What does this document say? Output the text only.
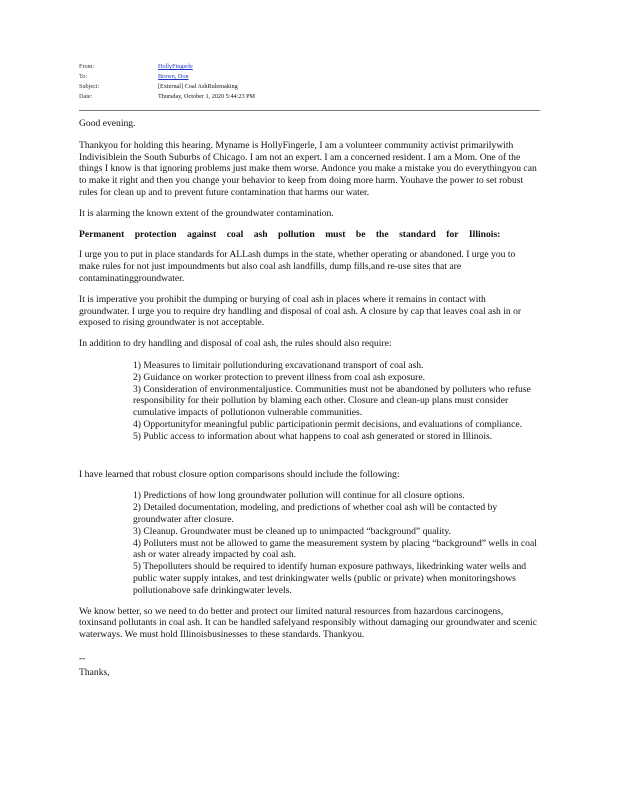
From:	HollyFingerle
To:	Brown, Don
Subject:	[External] Coal AshRulemaking
Date:	Thursday, October 1, 2020 5:44:23 PM

Good evening.

Thankyou for holding this hearing. Myname is HollyFingerle, I am a volunteer community activist primarilywith Indivisiblein the South Suburbs of Chicago. I am not an expert. I am a concerned resident. I am a Mom. One of the things I know is that ignoring problems just make them worse. Andonce you make a mistake you do everythingyou can to make it right and then you change your behavior to keep from doing more harm. Youhave the power to set robust rules for clean up and to prevent future contamination that harms our water.

It is alarming the known extent of the groundwater contamination.

Permanent protection against coal ash pollution must be the standard for Illinois:

I urge you to put in place standards for ALLash dumps in the state, whether operating or abandoned. I urge you to make rules for not just impoundments but also coal ash landfills, dump fills,and re-use sites that are contaminatinggroundwater.

It is imperative you prohibit the dumping or burying of coal ash in places where it remains in contact with groundwater. I urge you to require dry handling and disposal of coal ash. A closure by cap that leaves coal ash in or exposed to rising groundwater is not acceptable.

In addition to dry handling and disposal of coal ash, the rules should also require:

1) Measures to limitair pollutionduring excavationand transport of coal ash.
2) Guidance on worker protection to prevent illness from coal ash exposure.
3) Consideration of environmentaljustice. Communities must not be abandoned by polluters who refuse responsibility for their pollution by blaming each other. Closure and clean-up plans must consider cumulative impacts of pollutionon vulnerable communities.
4) Opportunityfor meaningful public participationin permit decisions, and evaluations of compliance.
5) Public access to information about what happens to coal ash generated or stored in Illinois.

I have learned that robust closure option comparisons should include the following:

1) Predictions of how long groundwater pollution will continue for all closure options.
2) Detailed documentation, modeling, and predictions of whether coal ash will be contacted by groundwater after closure.
3) Cleanup. Groundwater must be cleaned up to unimpacted “background” quality.
4) Polluters must not be allowed to game the measurement system by placing “background” wells in coal ash or water already impacted by coal ash.
5) Thepolluters should be required to identify human exposure pathways, likedrinking water wells and public water supply intakes, and test drinkingwater wells (public or private) when monitoringshows pollutionabove safe drinkingwater levels.

We know better, so we need to do better and protect our limited natural resources from hazardous carcinogens, toxinsand pollutants in coal ash. It can be handled safelyand responsibly without damaging our groundwater and scenic waterways. We must hold Illinoisbusinesses to these standards. Thankyou.

--
Thanks,
